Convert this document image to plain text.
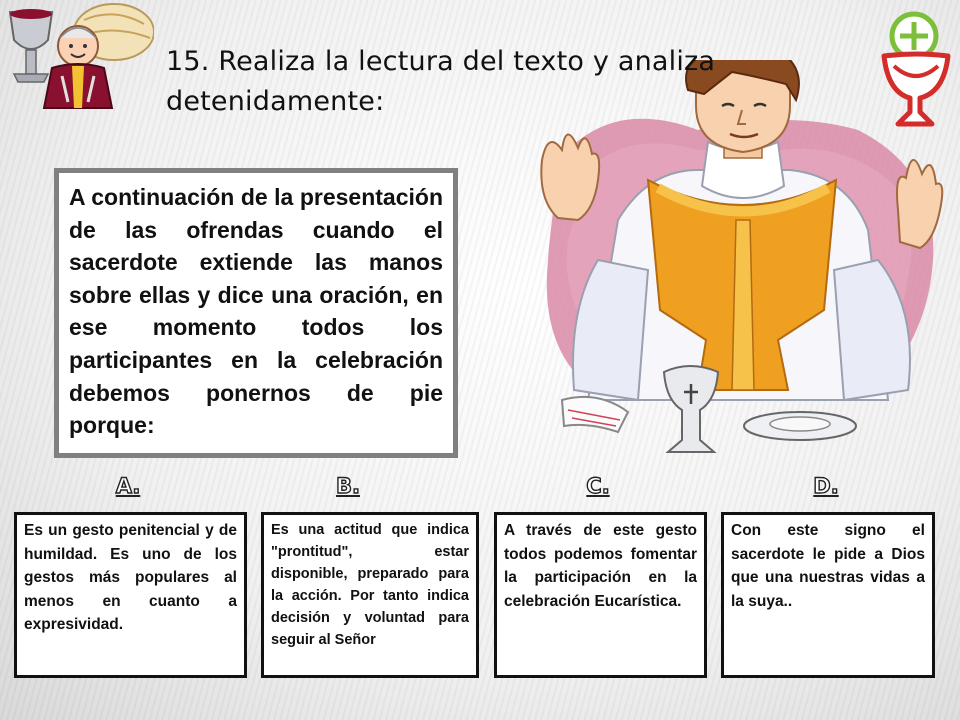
15. Realiza la lectura del texto y analiza detenidamente:

A continuación de la presentación de las ofrendas cuando el sacerdote extiende las manos sobre ellas y dice una oración, en ese momento todos los participantes en la celebración debemos ponernos de pie porque:

A.	B.	C.	D.

Es un gesto penitencial y de humildad. Es uno de los gestos más populares al menos en cuanto a expresividad.

Es una actitud que indica "prontitud", estar disponible, preparado para la acción. Por tanto indica decisión y voluntad para seguir al Señor

A través de este gesto todos podemos fomentar la participación en la celebración Eucarística.

Con este signo el sacerdote le pide a Dios que una nuestras vidas a la suya..
